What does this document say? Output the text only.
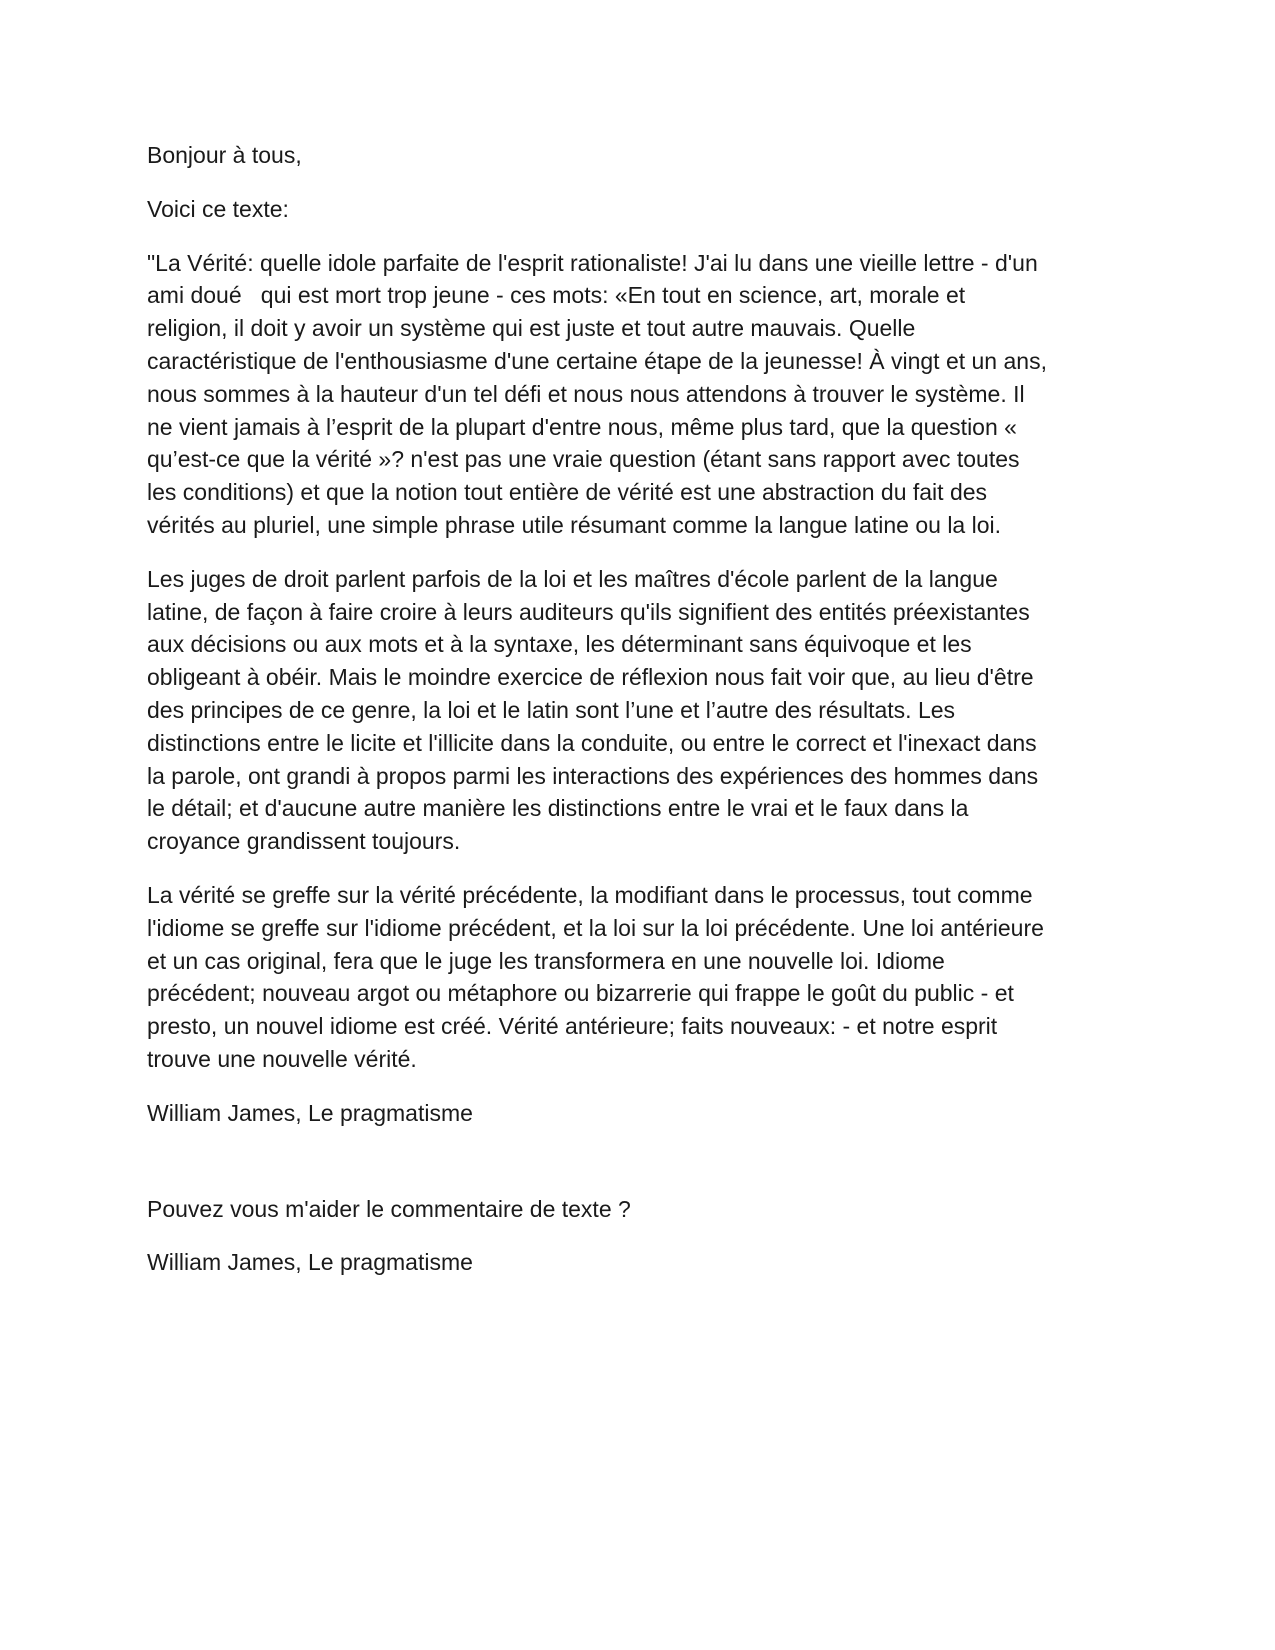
Bonjour à tous,

Voici ce texte:

"La Vérité: quelle idole parfaite de l'esprit rationaliste! J'ai lu dans une vieille lettre - d'un
ami doué   qui est mort trop jeune - ces mots: «En tout en science, art, morale et
religion, il doit y avoir un système qui est juste et tout autre mauvais. Quelle
caractéristique de l'enthousiasme d'une certaine étape de la jeunesse! À vingt et un ans,
nous sommes à la hauteur d'un tel défi et nous nous attendons à trouver le système. Il
ne vient jamais à l’esprit de la plupart d'entre nous, même plus tard, que la question «
qu’est-ce que la vérité »? n'est pas une vraie question (étant sans rapport avec toutes
les conditions) et que la notion tout entière de vérité est une abstraction du fait des
vérités au pluriel, une simple phrase utile résumant comme la langue latine ou la loi.

Les juges de droit parlent parfois de la loi et les maîtres d'école parlent de la langue
latine, de façon à faire croire à leurs auditeurs qu'ils signifient des entités préexistantes
aux décisions ou aux mots et à la syntaxe, les déterminant sans équivoque et les
obligeant à obéir. Mais le moindre exercice de réflexion nous fait voir que, au lieu d'être
des principes de ce genre, la loi et le latin sont l’une et l’autre des résultats. Les
distinctions entre le licite et l'illicite dans la conduite, ou entre le correct et l'inexact dans
la parole, ont grandi à propos parmi les interactions des expériences des hommes dans
le détail; et d'aucune autre manière les distinctions entre le vrai et le faux dans la
croyance grandissent toujours.

La vérité se greffe sur la vérité précédente, la modifiant dans le processus, tout comme
l'idiome se greffe sur l'idiome précédent, et la loi sur la loi précédente. Une loi antérieure
et un cas original, fera que le juge les transformera en une nouvelle loi. Idiome
précédent; nouveau argot ou métaphore ou bizarrerie qui frappe le goût du public - et
presto, un nouvel idiome est créé. Vérité antérieure; faits nouveaux: - et notre esprit
trouve une nouvelle vérité.

William James, Le pragmatisme

Pouvez vous m'aider le commentaire de texte ?

William James, Le pragmatisme
